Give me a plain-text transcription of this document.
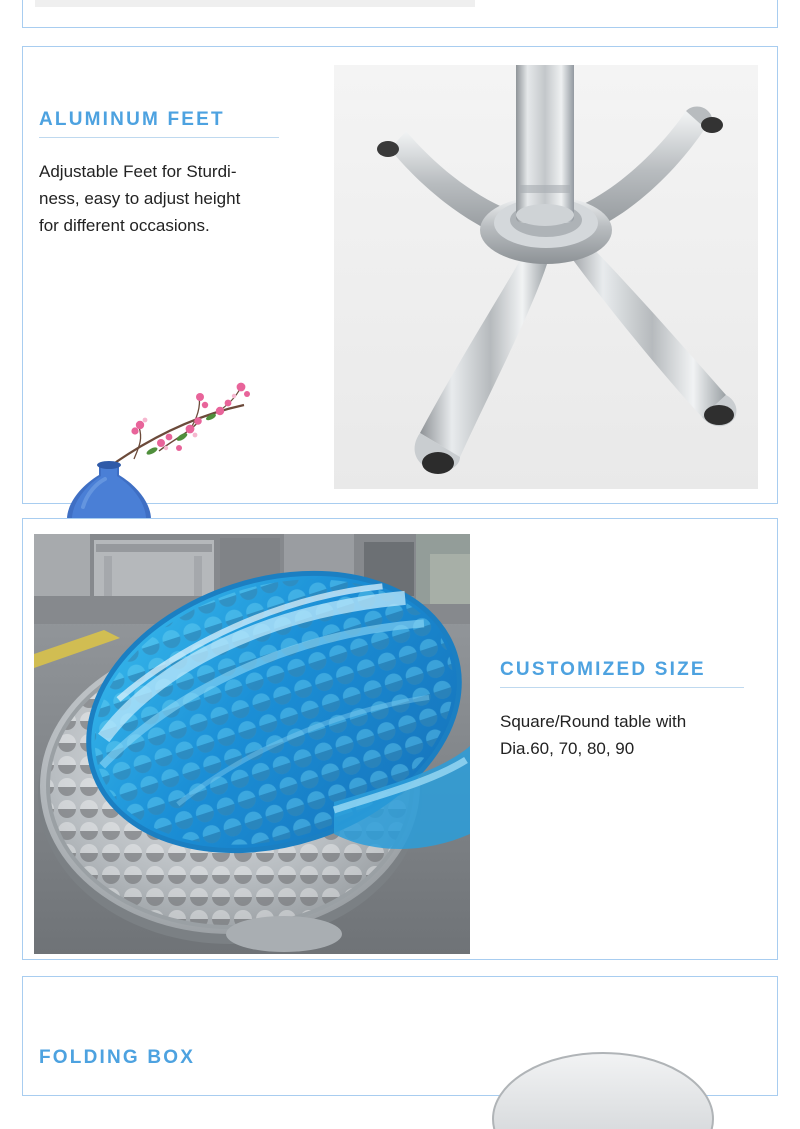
ALUMINUM FEET
Adjustable Feet for Sturdi-
ness, easy to adjust height
for different occasions.
CUSTOMIZED SIZE
Square/Round table with
Dia.60, 70, 80, 90
FOLDING BOX
